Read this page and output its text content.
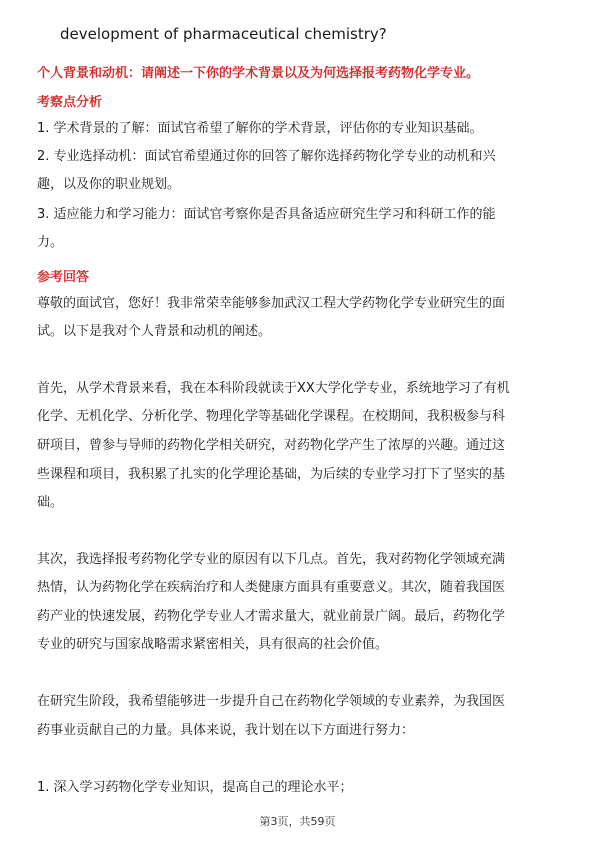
development of pharmaceutical chemistry?
个人背景和动机：请阐述一下你的学术背景以及为何选择报考药物化学专业。
考察点分析
1. 学术背景的了解：面试官希望了解你的学术背景，评估你的专业知识基础。
2. 专业选择动机：面试官希望通过你的回答了解你选择药物化学专业的动机和兴
趣，以及你的职业规划。
3. 适应能力和学习能力：面试官考察你是否具备适应研究生学习和科研工作的能
力。
参考回答
尊敬的面试官，您好！我非常荣幸能够参加武汉工程大学药物化学专业研究生的面
试。以下是我对个人背景和动机的阐述。
首先，从学术背景来看，我在本科阶段就读于XX大学化学专业，系统地学习了有机
化学、无机化学、分析化学、物理化学等基础化学课程。在校期间，我积极参与科
研项目，曾参与导师的药物化学相关研究，对药物化学产生了浓厚的兴趣。通过这
些课程和项目，我积累了扎实的化学理论基础，为后续的专业学习打下了坚实的基
础。
其次，我选择报考药物化学专业的原因有以下几点。首先，我对药物化学领域充满
热情，认为药物化学在疾病治疗和人类健康方面具有重要意义。其次，随着我国医
药产业的快速发展，药物化学专业人才需求量大，就业前景广阔。最后，药物化学
专业的研究与国家战略需求紧密相关，具有很高的社会价值。
在研究生阶段，我希望能够进一步提升自己在药物化学领域的专业素养，为我国医
药事业贡献自己的力量。具体来说，我计划在以下方面进行努力：
1. 深入学习药物化学专业知识，提高自己的理论水平；
第3页，共59页
